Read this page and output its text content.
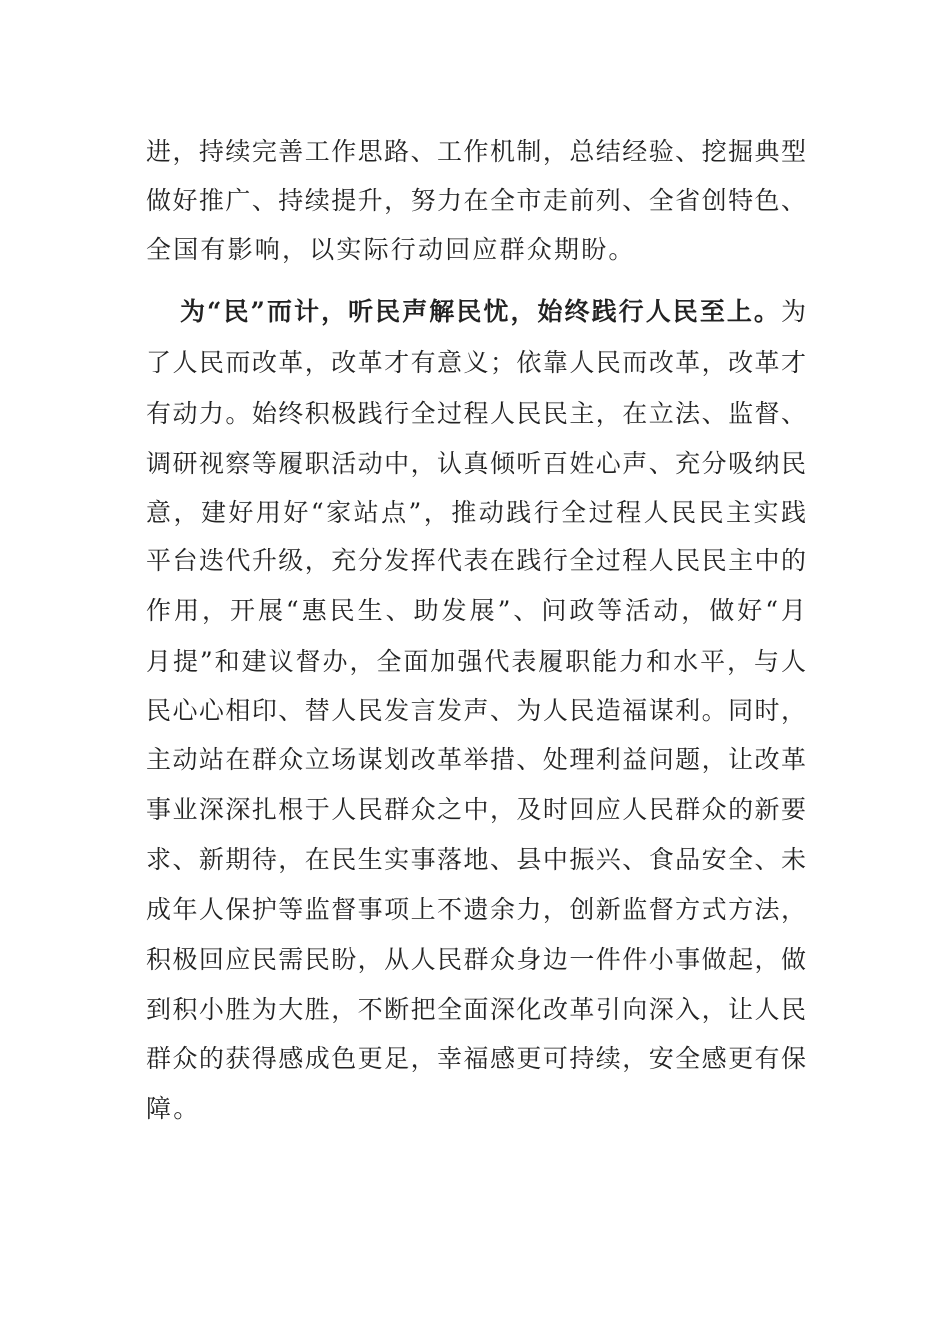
进，持续完善工作思路、工作机制，总结经验、挖掘典型
做好推广、持续提升，努力在全市走前列、全省创特色、
全国有影响，以实际行动回应群众期盼。
为“民”而计，听民声解民忧，始终践行人民至上。为
了人民而改革，改革才有意义；依靠人民而改革，改革才
有动力。始终积极践行全过程人民民主，在立法、监督、
调研视察等履职活动中，认真倾听百姓心声、充分吸纳民
意，建好用好“家站点”，推动践行全过程人民民主实践
平台迭代升级，充分发挥代表在践行全过程人民民主中的
作用，开展“惠民生、助发展”、问政等活动，做好“月
月提”和建议督办，全面加强代表履职能力和水平，与人
民心心相印、替人民发言发声、为人民造福谋利。同时，
主动站在群众立场谋划改革举措、处理利益问题，让改革
事业深深扎根于人民群众之中，及时回应人民群众的新要
求、新期待，在民生实事落地、县中振兴、食品安全、未
成年人保护等监督事项上不遗余力，创新监督方式方法，
积极回应民需民盼，从人民群众身边一件件小事做起，做
到积小胜为大胜，不断把全面深化改革引向深入，让人民
群众的获得感成色更足，幸福感更可持续，安全感更有保
障。
